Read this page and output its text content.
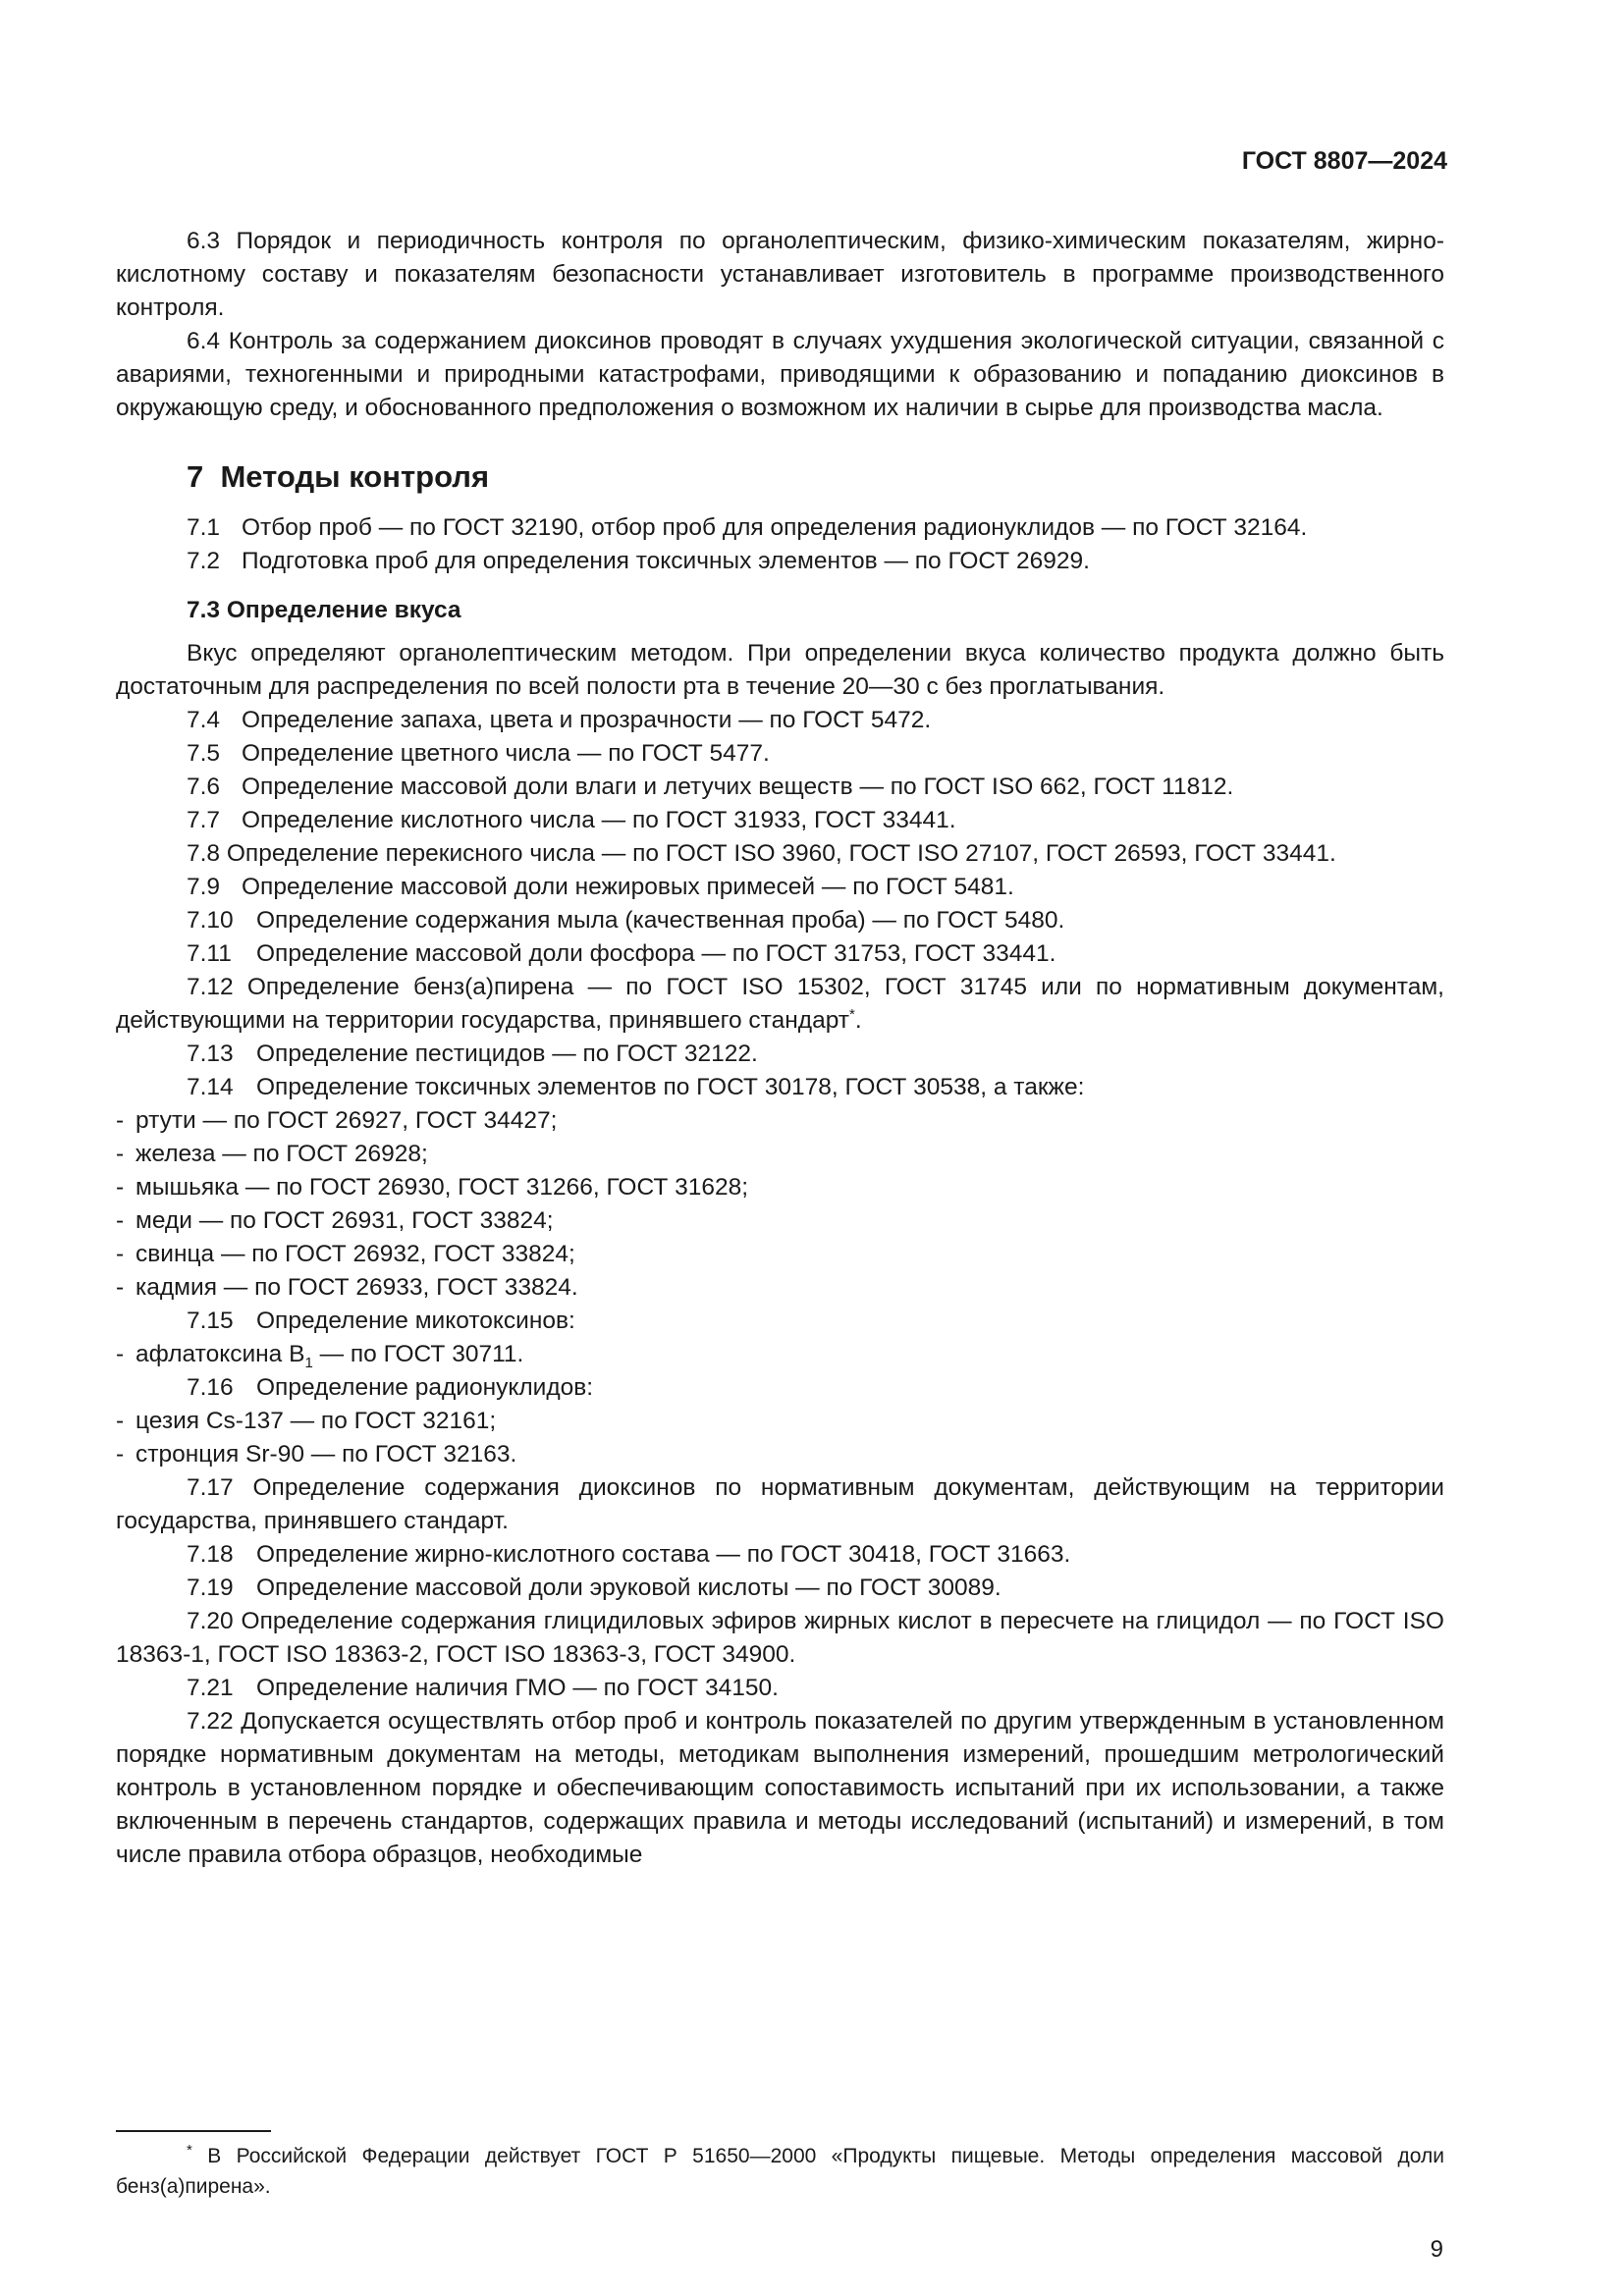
ГОСТ 8807—2024

6.3 Порядок и периодичность контроля по органолептическим, физико-химическим показателям, жирно-кислотному составу и показателям безопасности устанавливает изготовитель в программе производственного контроля.

6.4 Контроль за содержанием диоксинов проводят в случаях ухудшения экологической ситуации, связанной с авариями, техногенными и природными катастрофами, приводящими к образованию и попаданию диоксинов в окружающую среду, и обоснованного предположения о возможном их наличии в сырье для производства масла.

7 Методы контроля

7.1 Отбор проб — по ГОСТ 32190, отбор проб для определения радионуклидов — по ГОСТ 32164.

7.2 Подготовка проб для определения токсичных элементов — по ГОСТ 26929.

7.3 Определение вкуса

Вкус определяют органолептическим методом. При определении вкуса количество продукта должно быть достаточным для распределения по всей полости рта в течение 20—30 с без проглатывания.

7.4 Определение запаха, цвета и прозрачности — по ГОСТ 5472.

7.5 Определение цветного числа — по ГОСТ 5477.

7.6 Определение массовой доли влаги и летучих веществ — по ГОСТ ISO 662, ГОСТ 11812.

7.7 Определение кислотного числа — по ГОСТ 31933, ГОСТ 33441.

7.8 Определение перекисного числа — по ГОСТ ISO 3960, ГОСТ ISO 27107, ГОСТ 26593, ГОСТ 33441.

7.9 Определение массовой доли нежировых примесей — по ГОСТ 5481.

7.10 Определение содержания мыла (качественная проба) — по ГОСТ 5480.

7.11 Определение массовой доли фосфора — по ГОСТ 31753, ГОСТ 33441.

7.12 Определение бенз(а)пирена — по ГОСТ ISO 15302, ГОСТ 31745 или по нормативным документам, действующими на территории государства, принявшего стандарт*.

7.13 Определение пестицидов — по ГОСТ 32122.

7.14 Определение токсичных элементов по ГОСТ 30178, ГОСТ 30538, а также:

- ртути — по ГОСТ 26927, ГОСТ 34427;

- железа — по ГОСТ 26928;

- мышьяка — по ГОСТ 26930, ГОСТ 31266, ГОСТ 31628;

- меди — по ГОСТ 26931, ГОСТ 33824;

- свинца — по ГОСТ 26932, ГОСТ 33824;

- кадмия — по ГОСТ 26933, ГОСТ 33824.

7.15 Определение микотоксинов:

- афлатоксина $B_1$ — по ГОСТ 30711.

7.16 Определение радионуклидов:

- цезия Cs-137 — по ГОСТ 32161;

- стронция Sr-90 — по ГОСТ 32163.

7.17 Определение содержания диоксинов по нормативным документам, действующим на территории государства, принявшего стандарт.

7.18 Определение жирно-кислотного состава — по ГОСТ 30418, ГОСТ 31663.

7.19 Определение массовой доли эруковой кислоты — по ГОСТ 30089.

7.20 Определение содержания глицидиловых эфиров жирных кислот в пересчете на глицидол — по ГОСТ ISO 18363-1, ГОСТ ISO 18363-2, ГОСТ ISO 18363-3, ГОСТ 34900.

7.21 Определение наличия ГМО — по ГОСТ 34150.

7.22 Допускается осуществлять отбор проб и контроль показателей по другим утвержденным в установленном порядке нормативным документам на методы, методикам выполнения измерений, прошедшим метрологический контроль в установленном порядке и обеспечивающим сопоставимость испытаний при их использовании, а также включенным в перечень стандартов, содержащих правила и методы исследований (испытаний) и измерений, в том числе правила отбора образцов, необходимые

* В Российской Федерации действует ГОСТ Р 51650—2000 «Продукты пищевые. Методы определения массовой доли бенз(а)пирена».
9
